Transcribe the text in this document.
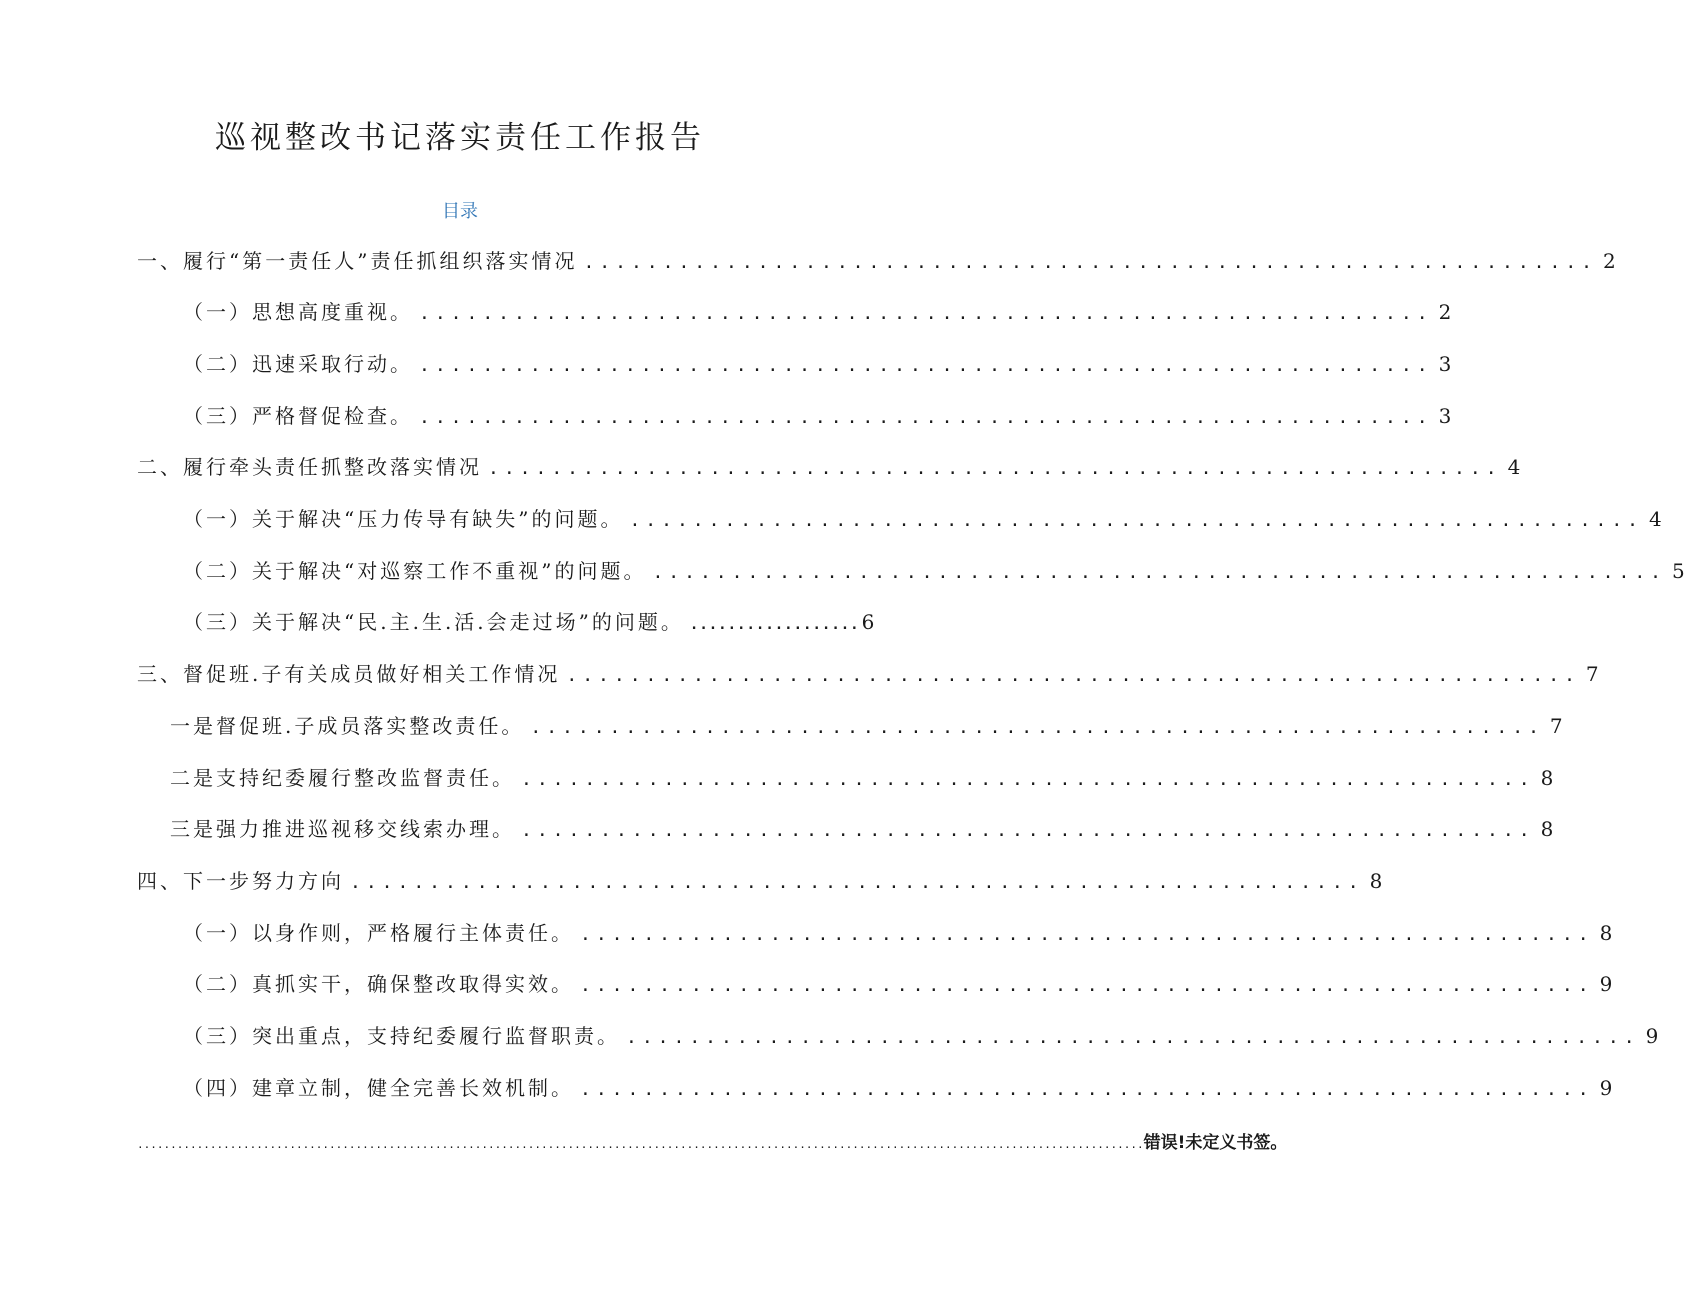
巡视整改书记落实责任工作报告
目录
一、履行“第一责任人”责任抓组织落实情况 ................................................................ 2
（一）思想高度重视。 ................................................................ 2
（二）迅速采取行动。 ................................................................ 3
（三）严格督促检查。 ................................................................ 3
二、履行牵头责任抓整改落实情况 ................................................................ 4
（一）关于解决“压力传导有缺失”的问题。 ................................................................ 4
（二）关于解决“对巡察工作不重视”的问题。 ................................................................ 5
（三）关于解决“民.主.生.活.会走过场”的问题。 .................. 6
三、督促班.子有关成员做好相关工作情况 ................................................................ 7
一是督促班.子成员落实整改责任。 ................................................................ 7
二是支持纪委履行整改监督责任。 ................................................................ 8
三是强力推进巡视移交线索办理。 ................................................................ 8
四、下一步努力方向 ................................................................ 8
（一）以身作则，严格履行主体责任。 ................................................................ 8
（二）真抓实干，确保整改取得实效。 ................................................................ 9
（三）突出重点，支持纪委履行监督职责。 ................................................................ 9
（四）建章立制，健全完善长效机制。 ................................................................ 9
........................................................................................................................................................ 错误!未定义书签。
